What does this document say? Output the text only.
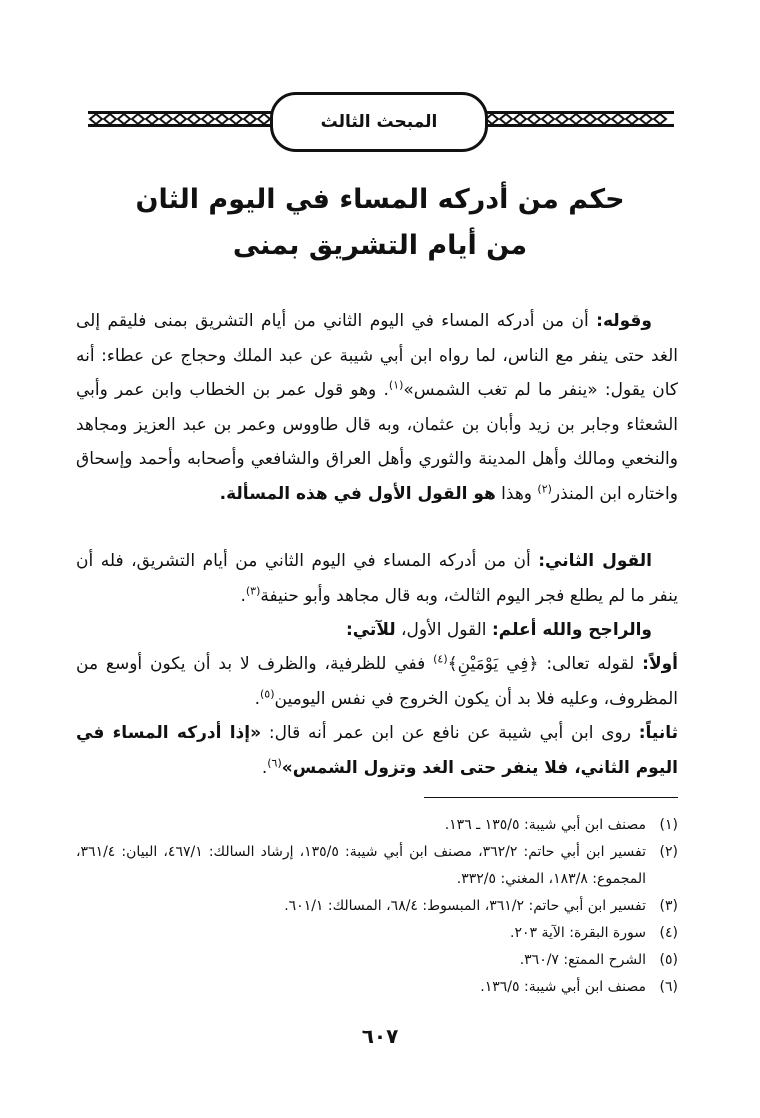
المبحث الثالث
حكم من أدركه المساء في اليوم الثان
من أيام التشريق بمنى

وقوله: أن من أدركه المساء في اليوم الثاني من أيام التشريق بمنى فليقم إلى الغد حتى ينفر مع الناس، لما رواه ابن أبي شيبة عن عبد الملك وحجاج عن عطاء: أنه كان يقول: «ينفر ما لم تغب الشمس»$^{(١)}$. وهو قول عمر بن الخطاب وابن عمر وأبي الشعثاء وجابر بن زيد وأبان بن عثمان، وبه قال طاووس وعمر بن عبد العزيز ومجاهد والنخعي ومالك وأهل المدينة والثوري وأهل العراق والشافعي وأصحابه وأحمد وإسحاق واختاره ابن المنذر$^{(٢)}$ وهذا هو القول الأول في هذه المسألة.

القول الثاني: أن من أدركه المساء في اليوم الثاني من أيام التشريق، فله أن ينفر ما لم يطلع فجر اليوم الثالث، وبه قال مجاهد وأبو حنيفة$^{(٣)}$.

والراجح والله أعلم: القول الأول، للآتي:

أولاً: لقوله تعالى: ﴿فِي يَوْمَيْنِ﴾$^{(٤)}$ ففي للظرفية، والظرف لا بد أن يكون أوسع من المظروف، وعليه فلا بد أن يكون الخروج في نفس اليومين$^{(٥)}$.

ثانياً: روى ابن أبي شيبة عن نافع عن ابن عمر أنه قال: «إذا أدركه المساء في اليوم الثاني، فلا ينفر حتى الغد وتزول الشمس»$^{(٦)}$.

(١)
مصنف ابن أبي شيبة: ١٣٥/٥ ـ ١٣٦.
(٢)
تفسير ابن أبي حاتم: ٣٦٢/٢، مصنف ابن أبي شيبة: ١٣٥/٥، إرشاد السالك: ٤٦٧/١، البيان: ٣٦١/٤، المجموع: ١٨٣/٨، المغني: ٣٣٢/٥.
(٣)
تفسير ابن أبي حاتم: ٣٦١/٢، المبسوط: ٦٨/٤، المسالك: ٦٠١/١.
(٤)
سورة البقرة: الآية ٢٠٣.
(٥)
الشرح الممتع: ٣٦٠/٧.
(٦)
مصنف ابن أبي شيبة: ١٣٦/٥.
٦٠٧
